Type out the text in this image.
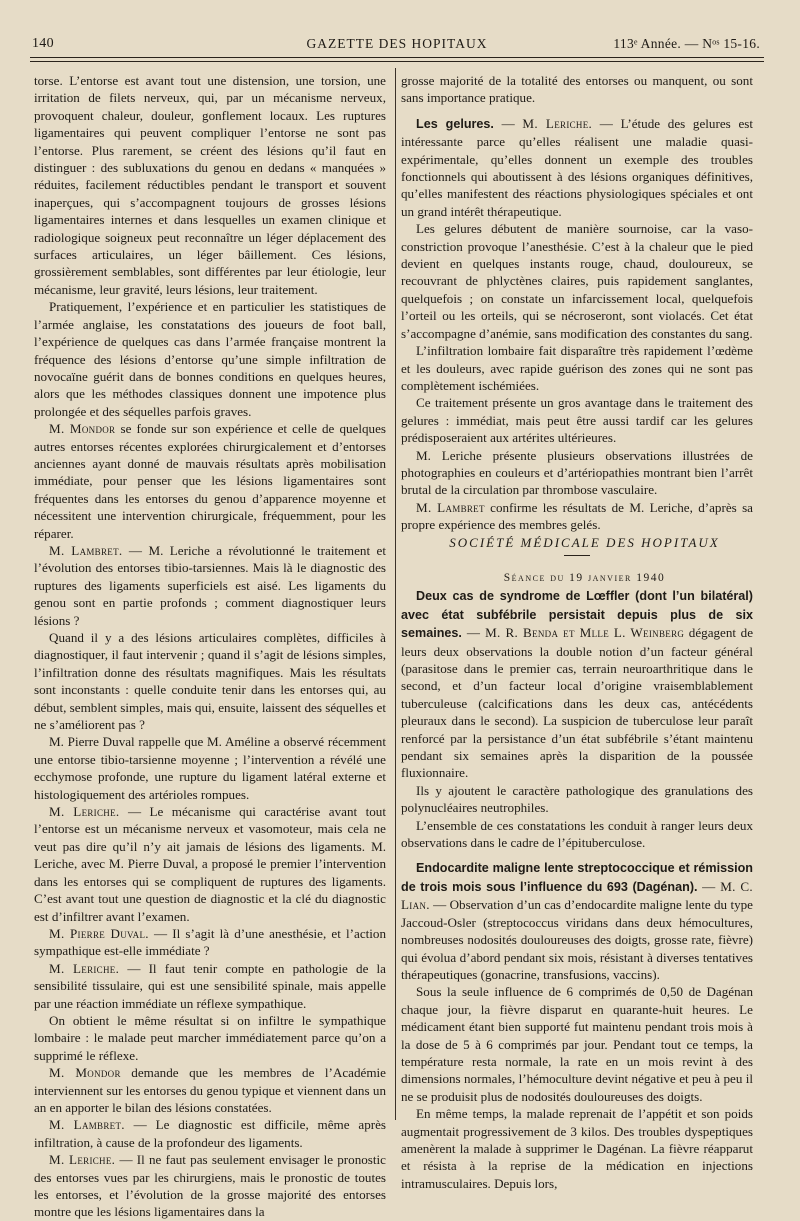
140	GAZETTE DES HOPITAUX	113ᵉ Année. — Nᵒˢ 15-16.

torse. L’entorse est avant tout une distension, une torsion, une irritation de filets nerveux, qui, par un mécanisme nerveux, provoquent chaleur, douleur, gonflement locaux. Les ruptures ligamentaires qui peuvent compliquer l’entorse ne sont pas l’entorse. Plus rarement, se créent des lésions qu’il faut en distinguer : des subluxations du genou en dedans « manquées » réduites, facilement réductibles pendant le transport et souvent inaperçues, qui s’accompagnent toujours de grosses lésions ligamentaires internes et dans lesquelles un examen clinique et radiologique soigneux peut reconnaître un léger déplacement des surfaces articulaires, un léger bâillement. Ces lésions, grossièrement semblables, sont différentes par leur étiologie, leur mécanisme, leur gravité, leurs lésions, leur traitement.

Pratiquement, l’expérience et en particulier les statistiques de l’armée anglaise, les constatations des joueurs de foot ball, l’expérience de quelques cas dans l’armée française montrent la fréquence des lésions d’entorse qu’une simple infiltration de novocaïne guérit dans de bonnes conditions en quelques heures, alors que les méthodes classiques donnent une impotence plus prolongée et des séquelles parfois graves.

M. Mondor se fonde sur son expérience et celle de quelques autres entorses récentes explorées chirurgicalement et d’entorses anciennes ayant donné de mauvais résultats après mobilisation immédiate, pour penser que les lésions ligamentaires sont fréquentes dans les entorses du genou d’apparence moyenne et nécessitent une intervention chirurgicale, fréquemment, pour les réparer.

M. Lambret. — M. Leriche a révolutionné le traitement et l’évolution des entorses tibio-tarsiennes. Mais là le diagnostic des ruptures des ligaments superficiels est aisé. Les ligaments du genou sont en partie profonds ; comment diagnostiquer leurs lésions ?

Quand il y a des lésions articulaires complètes, difficiles à diagnostiquer, il faut intervenir ; quand il s’agit de lésions simples, l’infiltration donne des résultats magnifiques. Mais les résultats sont inconstants : quelle conduite tenir dans les entorses qui, au début, semblent simples, mais qui, ensuite, laissent des séquelles et ne s’améliorent pas ?

M. Pierre Duval rappelle que M. Améline a observé récemment une entorse tibio-tarsienne moyenne ; l’intervention a révélé une ecchymose profonde, une rupture du ligament latéral externe et histologiquement des artérioles rompues.

M. Leriche. — Le mécanisme qui caractérise avant tout l’entorse est un mécanisme nerveux et vasomoteur, mais cela ne veut pas dire qu’il n’y ait jamais de lésions des ligaments. M. Leriche, avec M. Pierre Duval, a proposé le premier l’intervention dans les entorses qui se compliquent de ruptures des ligaments. C’est avant tout une question de diagnostic et la clé du diagnostic est d’infiltrer avant l’examen.

M. Pierre Duval. — Il s’agit là d’une anesthésie, et l’action sympathique est-elle immédiate ?

M. Leriche. — Il faut tenir compte en pathologie de la sensibilité tissulaire, qui est une sensibilité spinale, mais appelle par une réaction immédiate un réflexe sympathique.

On obtient le même résultat si on infiltre le sympathique lombaire : le malade peut marcher immédiatement parce qu’on a supprimé le réflexe.

M. Mondor demande que les membres de l’Académie interviennent sur les entorses du genou typique et viennent dans un an en apporter le bilan des lésions constatées.

M. Lambret. — Le diagnostic est difficile, même après infiltration, à cause de la profondeur des ligaments.

M. Leriche. — Il ne faut pas seulement envisager le pronostic des entorses vues par les chirurgiens, mais le pronostic de toutes les entorses, et l’évolution de la grosse majorité des entorses montre que les lésions ligamentaires dans la

grosse majorité de la totalité des entorses ou manquent, ou sont sans importance pratique.

Les gelures. — M. Leriche. — L’étude des gelures est intéressante parce qu’elles réalisent une maladie quasi-expérimentale, qu’elles donnent un exemple des troubles fonctionnels qui aboutissent à des lésions organiques définitives, qu’elles manifestent des réactions physiologiques spéciales et ont un grand intérêt thérapeutique.

Les gelures débutent de manière sournoise, car la vaso-constriction provoque l’anesthésie. C’est à la chaleur que le pied devient en quelques instants rouge, chaud, douloureux, se recouvrant de phlyctènes claires, puis rapidement sanglantes, quelquefois ; on constate un infarcissement local, quelquefois l’orteil ou les orteils, qui se nécroseront, sont violacés. Cet état s’accompagne d’anémie, sans modification des constantes du sang.

L’infiltration lombaire fait disparaître très rapidement l’œdème et les douleurs, avec rapide guérison des zones qui ne sont pas complètement ischémiées.

Ce traitement présente un gros avantage dans le traitement des gelures : immédiat, mais peut être aussi tardif car les gelures prédisposeraient aux artérites ultérieures.

M. Leriche présente plusieurs observations illustrées de photographies en couleurs et d’artériopathies montrant bien l’arrêt brutal de la circulation par thrombose vasculaire.

M. Lambret confirme les résultats de M. Leriche, d’après sa propre expérience des membres gelés.

SOCIÉTÉ MÉDICALE DES HOPITAUX

Séance du 19 janvier 1940

Deux cas de syndrome de Lœffler (dont l’un bilatéral) avec état subfébrile persistait depuis plus de six semaines. — M. R. Benda et Mlle L. Weinberg dégagent de leurs deux observations la double notion d’un facteur général (parasitose dans le premier cas, terrain neuroarthritique dans le second, et d’un facteur local d’origine vraisemblablement tuberculeuse (calcifications dans les deux cas, antécédents pleuraux dans le second). La suspicion de tuberculose leur paraît renforcé par la persistance d’un état subfébrile s’étant maintenu pendant six semaines après la disparition de la poussée fluxionnaire.

Ils y ajoutent le caractère pathologique des granulations des polynucléaires neutrophiles.

L’ensemble de ces constatations les conduit à ranger leurs deux observations dans le cadre de l’épituberculose.

Endocardite maligne lente streptococcique et rémission de trois mois sous l’influence du 693 (Dagénan). — M. C. Lian. — Observation d’un cas d’endocardite maligne lente du type Jaccoud-Osler (streptococcus viridans dans deux hémocultures, nombreuses nodosités douloureuses des doigts, grosse rate, fièvre) qui évolua d’abord pendant six mois, résistant à diverses tentatives thérapeutiques (gonacrine, transfusions, vaccins).

Sous la seule influence de 6 comprimés de 0,50 de Dagénan chaque jour, la fièvre disparut en quarante-huit heures. Le médicament étant bien supporté fut maintenu pendant trois mois à la dose de 5 à 6 comprimés par jour. Pendant tout ce temps, la température resta normale, la rate en un mois revint à des dimensions normales, l’hémoculture devint négative et peu à peu il ne se produisit plus de nodosités douloureuses des doigts.

En même temps, la malade reprenait de l’appétit et son poids augmentait progressivement de 3 kilos. Des troubles dyspeptiques amenèrent la malade à supprimer le Dagénan. La fièvre réapparut et résista à la reprise de la médication en injections intramusculaires. Depuis lors,
